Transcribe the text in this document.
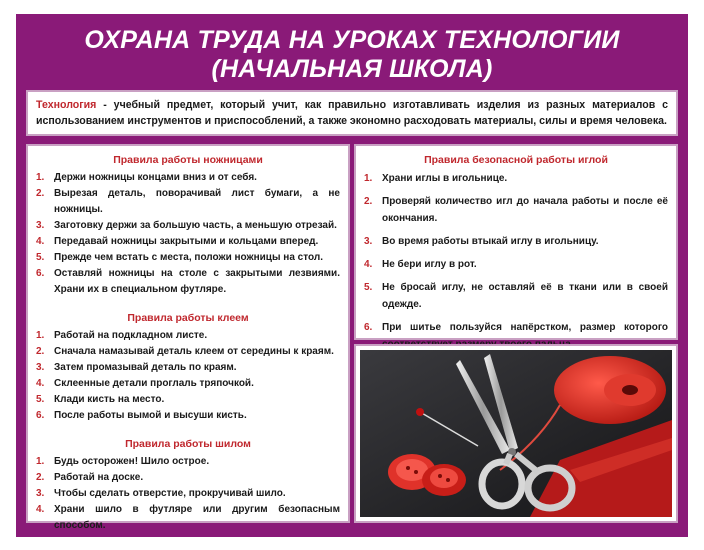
ОХРАНА ТРУДА НА УРОКАХ ТЕХНОЛОГИИ
(НАЧАЛЬНАЯ ШКОЛА)
Технология - учебный предмет, который учит, как правильно изготавливать изделия из разных материалов с использованием инструментов и приспособлений, а также экономно расходовать материалы, силы и время человека.
Правила работы ножницами
1. Держи ножницы концами вниз и от себя.
2. Вырезая деталь, поворачивай лист бумаги, а не ножницы.
3. Заготовку держи за большую часть, а меньшую отрезай.
4. Передавай ножницы закрытыми и кольцами вперед.
5. Прежде чем встать с места, положи ножницы на стол.
6. Оставляй ножницы на столе с закрытыми лезвиями. Храни их в специальном футляре.
Правила работы клеем
1. Работай на подкладном листе.
2. Сначала намазывай деталь клеем от середины к краям.
3. Затем промазывай деталь по краям.
4. Склеенные детали проглаль тряпочкой.
5. Клади кисть на место.
6. После работы вымой и высуши кисть.
Правила работы шилом
1. Будь осторожен! Шило острое.
2. Работай на доске.
3. Чтобы сделать отверстие, прокручивай шило.
4. Храни шило в футляре или другим безопасным способом.
Правила безопасной работы иглой
1. Храни иглы в игольнице.
2. Проверяй количество игл до начала работы и после её окончания.
3. Во время работы втыкай иглу в игольницу.
4. Не бери иглу в рот.
5. Не бросай иглу, не оставляй её в ткани или в своей одежде.
6. При шитье пользуйся напёрстком, размер которого
